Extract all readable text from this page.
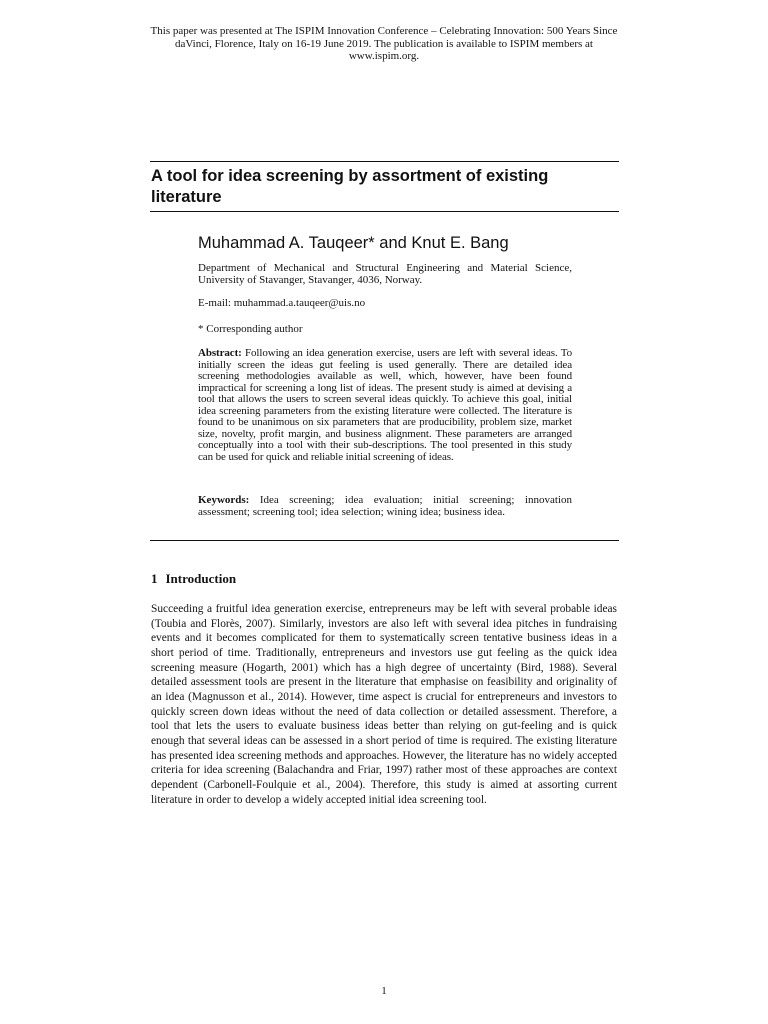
This paper was presented at The ISPIM Innovation Conference – Celebrating Innovation: 500 Years Since daVinci, Florence, Italy on 16-19 June 2019. The publication is available to ISPIM members at www.ispim.org.
A tool for idea screening by assortment of existing literature
Muhammad A. Tauqeer* and Knut E. Bang
Department of Mechanical and Structural Engineering and Material Science, University of Stavanger, Stavanger, 4036, Norway.
E-mail: muhammad.a.tauqeer@uis.no
* Corresponding author
Abstract: Following an idea generation exercise, users are left with several ideas. To initially screen the ideas gut feeling is used generally. There are detailed idea screening methodologies available as well, which, however, have been found impractical for screening a long list of ideas. The present study is aimed at devising a tool that allows the users to screen several ideas quickly. To achieve this goal, initial idea screening parameters from the existing literature were collected. The literature is found to be unanimous on six parameters that are producibility, problem size, market size, novelty, profit margin, and business alignment. These parameters are arranged conceptually into a tool with their sub-descriptions. The tool presented in this study can be used for quick and reliable initial screening of ideas.
Keywords: Idea screening; idea evaluation; initial screening; innovation assessment; screening tool; idea selection; wining idea; business idea.
1 Introduction

Succeeding a fruitful idea generation exercise, entrepreneurs may be left with several probable ideas (Toubia and Florès, 2007). Similarly, investors are also left with several idea pitches in fundraising events and it becomes complicated for them to systematically screen tentative business ideas in a short period of time. Traditionally, entrepreneurs and investors use gut feeling as the quick idea screening measure (Hogarth, 2001) which has a high degree of uncertainty (Bird, 1988). Several detailed assessment tools are present in the literature that emphasise on feasibility and originality of an idea (Magnusson et al., 2014). However, time aspect is crucial for entrepreneurs and investors to quickly screen down ideas without the need of data collection or detailed assessment. Therefore, a tool that lets the users to evaluate business ideas better than relying on gut-feeling and is quick enough that several ideas can be assessed in a short period of time is required. The existing literature has presented idea screening methods and approaches. However, the literature has no widely accepted criteria for idea screening (Balachandra and Friar, 1997) rather most of these approaches are context dependent (Carbonell-Foulquie et al., 2004). Therefore, this study is aimed at assorting current literature in order to develop a widely accepted initial idea screening tool.

1
